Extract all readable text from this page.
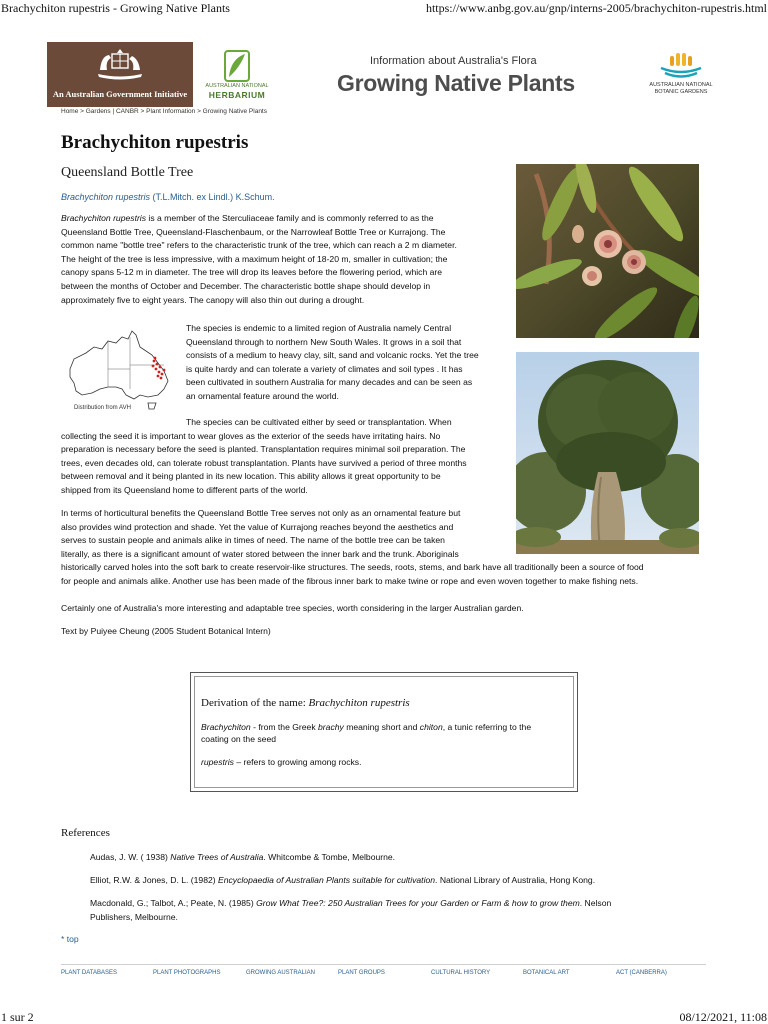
Brachychiton rupestris - Growing Native Plants	https://www.anbg.gov.au/gnp/interns-2005/brachychiton-rupestris.html
An Australian Government Initiative
AUSTRALIAN NATIONAL
HERBARIUM
Information about Australia's Flora
Growing Native Plants	AUSTRALIAN NATIONAL
BOTANIC GARDENS
Home > Gardens | CANBR > Plant Information > Growing Native Plants
Brachychiton rupestris
Queensland Bottle Tree
Brachychiton rupestris (T.L.Mitch. ex Lindl.) K.Schum.
Brachychiton rupestris is a member of the Sterculiaceae family and is commonly referred to as the
Queensland Bottle Tree, Queensland-Flaschenbaum, or the Narrowleaf Bottle Tree or Kurrajong. The
common name "bottle tree" refers to the characteristic trunk of the tree, which can reach a 2 m diameter.
The height of the tree is less impressive, with a maximum height of 18-20 m, smaller in cultivation; the
canopy spans 5-12 m in diameter. The tree will drop its leaves before the flowering period, which are
between the months of October and December. The characteristic bottle shape should develop in
approximately five to eight years. The canopy will also thin out during a drought.
Distribution from AVH
The species is endemic to a limited region of Australia namely Central
Queensland through to northern New South Wales. It grows in a soil that
consists of a medium to heavy clay, silt, sand and volcanic rocks. Yet the tree
is quite hardy and can tolerate a variety of climates and soil types . It has
been cultivated in southern Australia for many decades and can be seen as
an ornamental feature around the world.
The species can be cultivated either by seed or transplantation. When
collecting the seed it is important to wear gloves as the exterior of the seeds have irritating hairs. No
preparation is necessary before the seed is planted. Transplantation requires minimal soil preparation. The
trees, even decades old, can tolerate robust transplantation. Plants have survived a period of three months
between removal and it being planted in its new location. This ability allows it great opportunity to be
shipped from its Queensland home to different parts of the world.
In terms of horticultural benefits the Queensland Bottle Tree serves not only as an ornamental feature but
also provides wind protection and shade. Yet the value of Kurrajong reaches beyond the aesthetics and
serves to sustain people and animals alike in times of need. The name of the bottle tree can be taken
literally, as there is a significant amount of water stored between the inner bark and the trunk. Aboriginals
historically carved holes into the soft bark to create reservoir-like structures. The seeds, roots, stems, and bark have all traditionally been a source of food
for people and animals alike. Another use has been made of the fibrous inner bark to make twine or rope and even woven together to make fishing nets.
Certainly one of Australia's more interesting and adaptable tree species, worth considering in the larger Australian garden.
Text by Puiyee Cheung (2005 Student Botanical Intern)
Derivation of the name: Brachychiton rupestris
Brachychiton - from the Greek brachy meaning short and chiton, a tunic referring to the
coating on the seed
rupestris – refers to growing among rocks.
References
Audas, J. W. ( 1938) Native Trees of Australia. Whitcombe & Tombe, Melbourne.
Elliot, R.W. & Jones, D. L. (1982) Encyclopaedia of Australian Plants suitable for cultivation. National Library of Australia, Hong Kong.
Macdonald, G.; Talbot, A.; Peate, N. (1985) Grow What Tree?: 250 Australian Trees for your Garden or Farm & how to grow them. Nelson
Publishers, Melbourne.
* top
PLANT DATABASES	PLANT PHOTOGRAPHS	GROWING AUSTRALIAN	PLANT GROUPS	CULTURAL HISTORY	BOTANICAL ART	ACT (CANBERRA)
1 sur 2	08/12/2021, 11:08
